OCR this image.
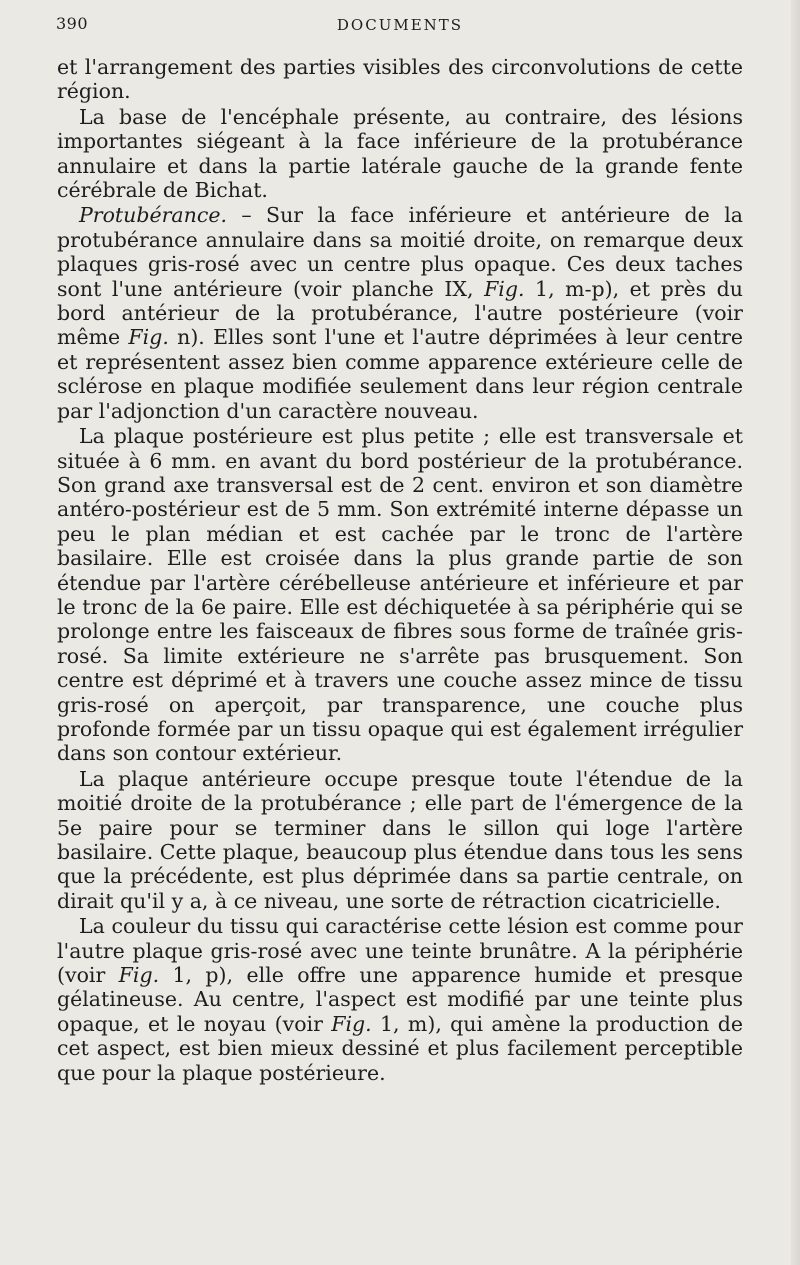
390	DOCUMENTS

et l'arrangement des parties visibles des circonvolutions de cette région.

La base de l'encéphale présente, au contraire, des lésions importantes siégeant à la face inférieure de la protubérance annulaire et dans la partie latérale gauche de la grande fente cérébrale de Bichat.

Protubérance. – Sur la face inférieure et antérieure de la protubérance annulaire dans sa moitié droite, on remarque deux plaques gris-rosé avec un centre plus opaque. Ces deux taches sont l'une antérieure (voir planche IX, Fig. 1, m-p), et près du bord antérieur de la protubérance, l'autre postérieure (voir même Fig. n). Elles sont l'une et l'autre déprimées à leur centre et représentent assez bien comme apparence extérieure celle de sclérose en plaque modifiée seulement dans leur région centrale par l'adjonction d'un caractère nouveau.

La plaque postérieure est plus petite ; elle est transversale et située à 6 mm. en avant du bord postérieur de la protubérance. Son grand axe transversal est de 2 cent. environ et son diamètre antéro-postérieur est de 5 mm. Son extrémité interne dépasse un peu le plan médian et est cachée par le tronc de l'artère basilaire. Elle est croisée dans la plus grande partie de son étendue par l'artère cérébelleuse antérieure et inférieure et par le tronc de la 6e paire. Elle est déchiquetée à sa périphérie qui se prolonge entre les faisceaux de fibres sous forme de traînée gris-rosé. Sa limite extérieure ne s'arrête pas brusquement. Son centre est déprimé et à travers une couche assez mince de tissu gris-rosé on aperçoit, par transparence, une couche plus profonde formée par un tissu opaque qui est également irrégulier dans son contour extérieur.

La plaque antérieure occupe presque toute l'étendue de la moitié droite de la protubérance ; elle part de l'émergence de la 5e paire pour se terminer dans le sillon qui loge l'artère basilaire. Cette plaque, beaucoup plus étendue dans tous les sens que la précédente, est plus déprimée dans sa partie centrale, on dirait qu'il y a, à ce niveau, une sorte de rétraction cicatricielle.

La couleur du tissu qui caractérise cette lésion est comme pour l'autre plaque gris-rosé avec une teinte brunâtre. A la périphérie (voir Fig. 1, p), elle offre une apparence humide et presque gélatineuse. Au centre, l'aspect est modifié par une teinte plus opaque, et le noyau (voir Fig. 1, m), qui amène la production de cet aspect, est bien mieux dessiné et plus facilement perceptible que pour la plaque postérieure.
